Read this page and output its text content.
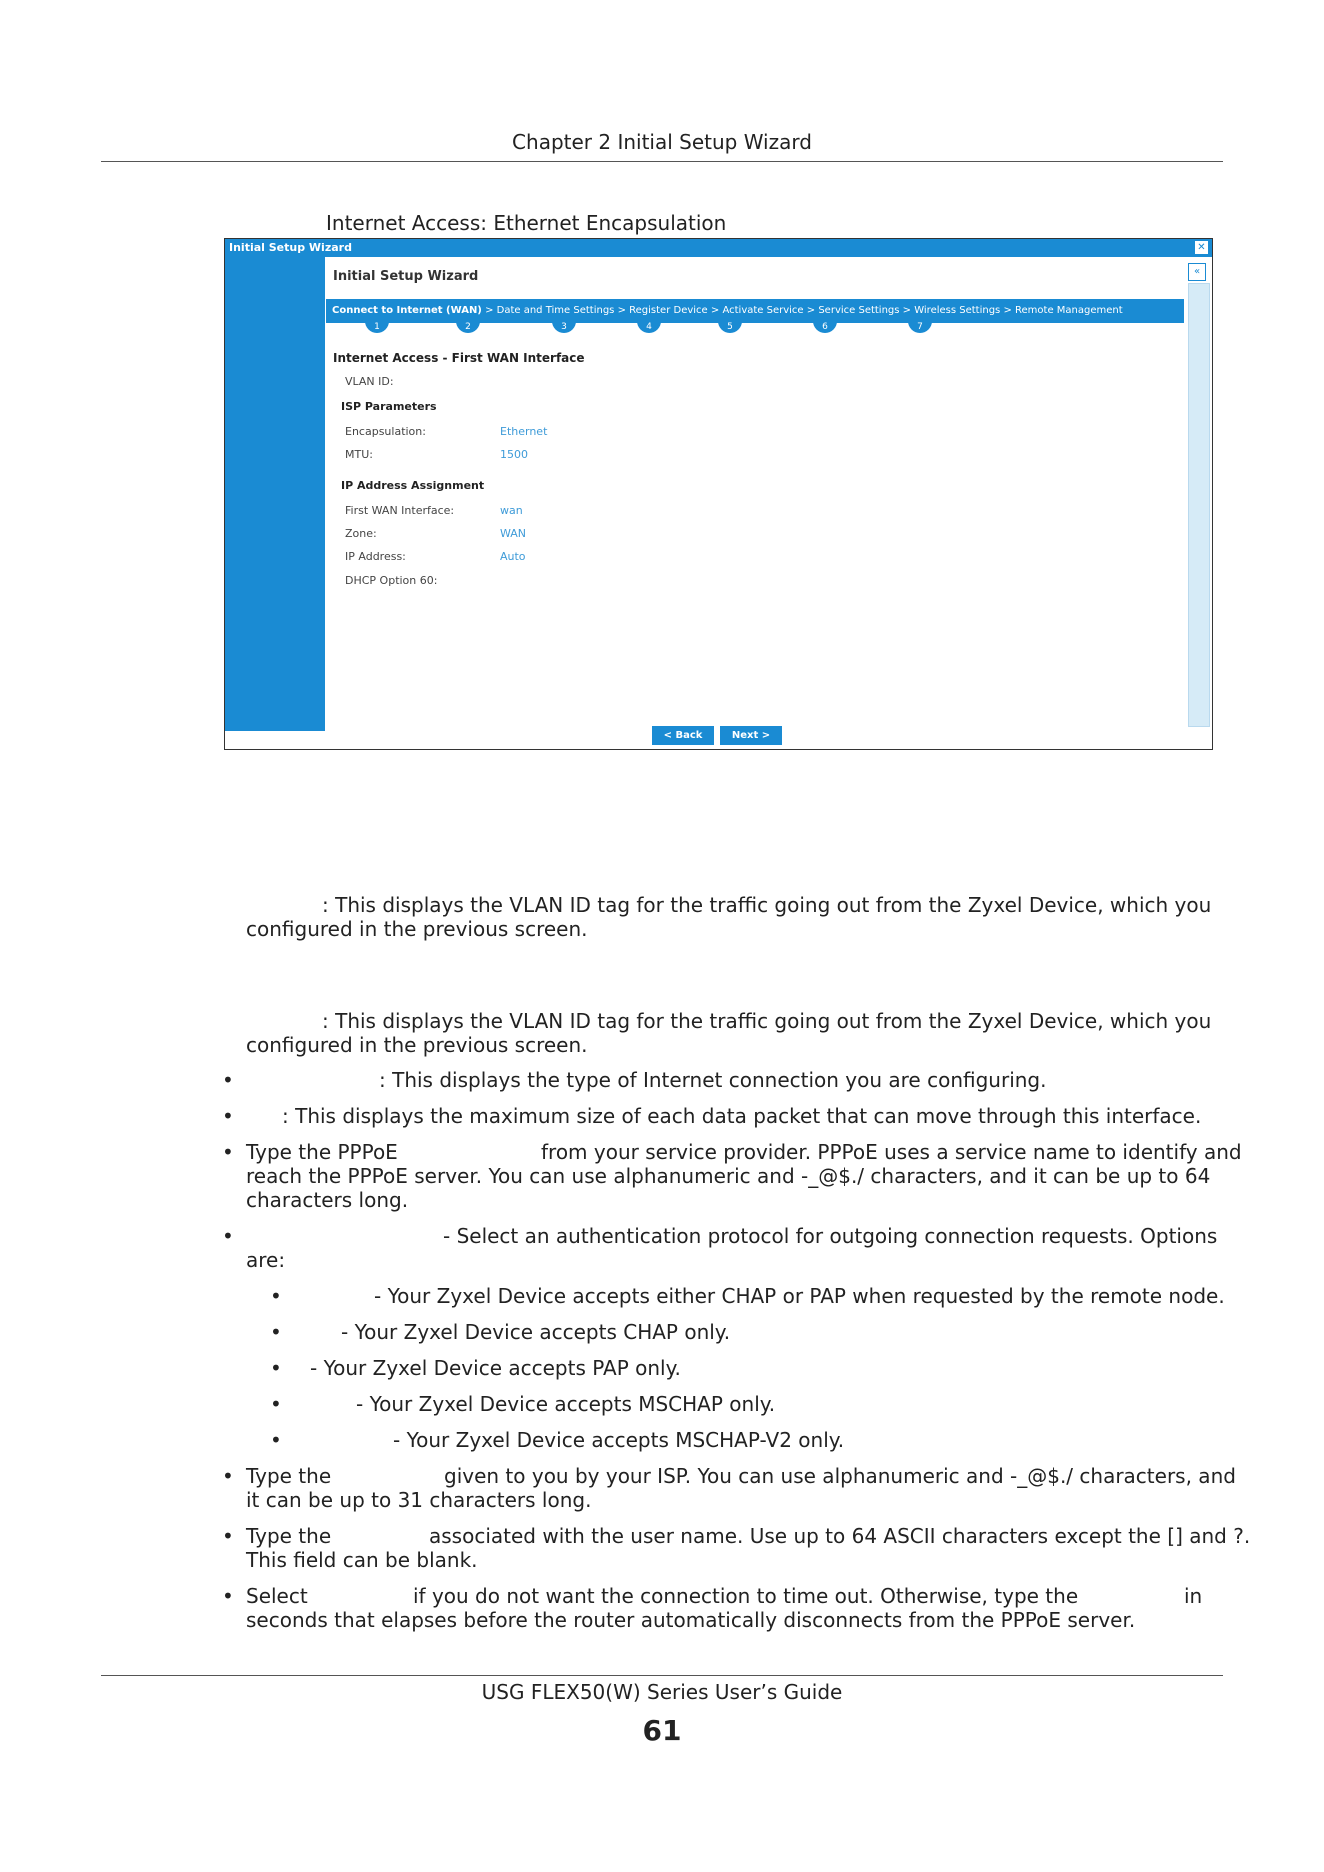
Chapter 2 Initial Setup Wizard
Internet Access: Ethernet Encapsulation
Initial Setup Wizard	✕
«
Initial Setup Wizard
Connect to Internet (WAN) > Date and Time Settings > Register Device > Activate Service > Service Settings > Wireless Settings > Remote Management
1	2	3	4	5	6	7
Internet Access - First WAN Interface
VLAN ID:
ISP Parameters
Encapsulation:	Ethernet
MTU:	1500
IP Address Assignment
First WAN Interface:	wan
Zone:	WAN
IP Address:	Auto
DHCP Option 60:
< Back	Next >
: This displays the VLAN ID tag for the traffic going out from the Zyxel Device, which you
configured in the previous screen.
: This displays the VLAN ID tag for the traffic going out from the Zyxel Device, which you
configured in the previous screen.
•	: This displays the type of Internet connection you are configuring.
• : This displays the maximum size of each data packet that can move through this interface.
• Type the PPPoE	from your service provider. PPPoE uses a service name to identify and
reach the PPPoE server. You can use alphanumeric and -_@$./ characters, and it can be up to 64
characters long.
•	- Select an authentication protocol for outgoing connection requests. Options
are:
•	- Your Zyxel Device accepts either CHAP or PAP when requested by the remote node.
•	- Your Zyxel Device accepts CHAP only.
• - Your Zyxel Device accepts PAP only.
•	- Your Zyxel Device accepts MSCHAP only.
•	- Your Zyxel Device accepts MSCHAP-V2 only.
• Type the	given to you by your ISP. You can use alphanumeric and -_@$./ characters, and
it can be up to 31 characters long.
• Type the	associated with the user name. Use up to 64 ASCII characters except the [] and ?.
This field can be blank.
• Select	if you do not want the connection to time out. Otherwise, type the	in
seconds that elapses before the router automatically disconnects from the PPPoE server.
USG FLEX50(W) Series User’s Guide
61
